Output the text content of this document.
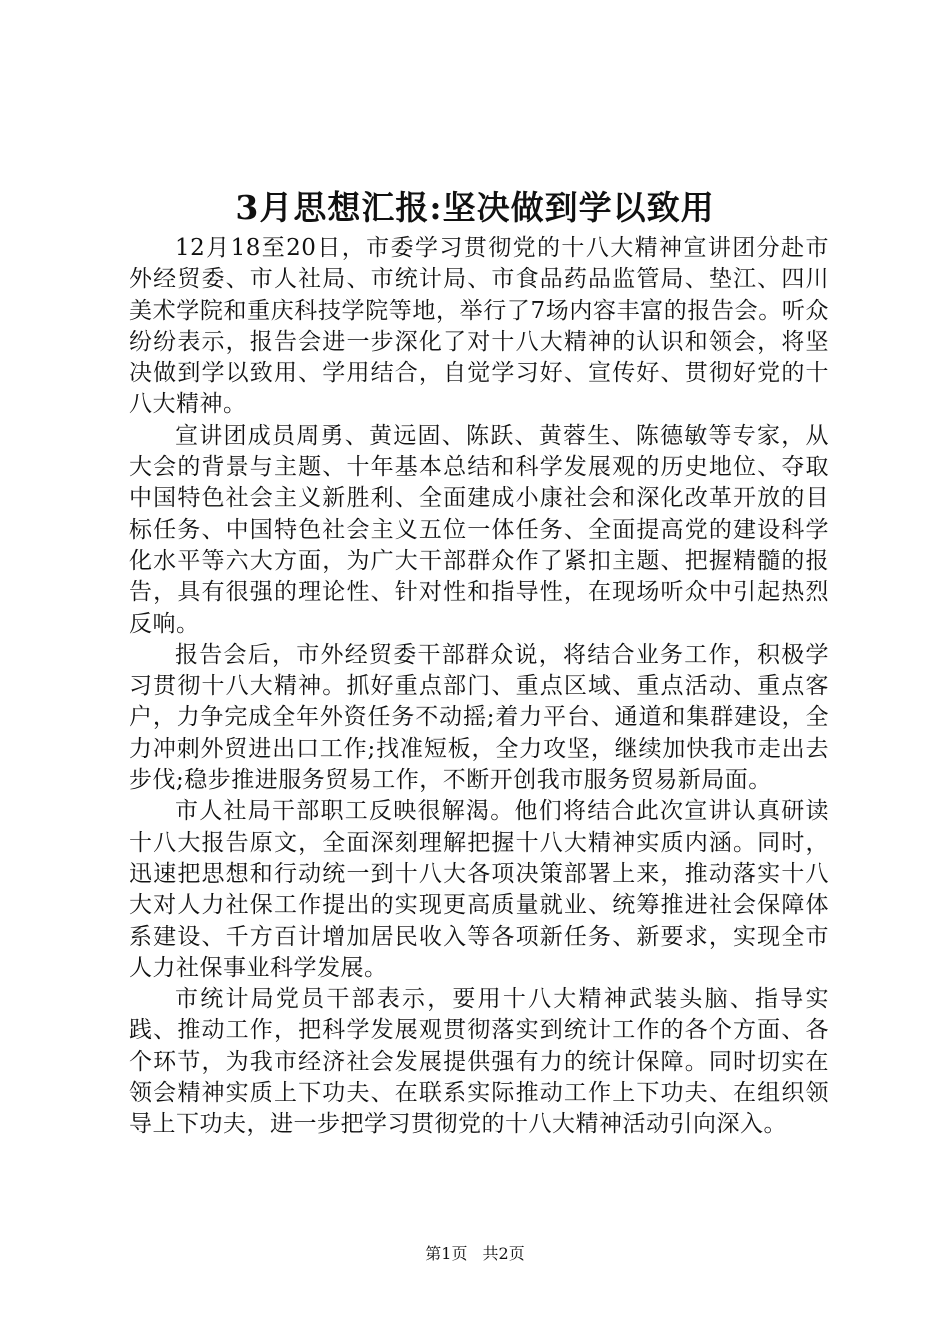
3月思想汇报:坚决做到学以致用

12月18至20日，市委学习贯彻党的十八大精神宣讲团分赴市外经贸委、市人社局、市统计局、市食品药品监管局、垫江、四川美术学院和重庆科技学院等地，举行了7场内容丰富的报告会。听众纷纷表示，报告会进一步深化了对十八大精神的认识和领会，将坚决做到学以致用、学用结合，自觉学习好、宣传好、贯彻好党的十八大精神。

宣讲团成员周勇、黄远固、陈跃、黄蓉生、陈德敏等专家，从大会的背景与主题、十年基本总结和科学发展观的历史地位、夺取中国特色社会主义新胜利、全面建成小康社会和深化改革开放的目标任务、中国特色社会主义五位一体任务、全面提高党的建设科学化水平等六大方面，为广大干部群众作了紧扣主题、把握精髓的报告，具有很强的理论性、针对性和指导性，在现场听众中引起热烈反响。

报告会后，市外经贸委干部群众说，将结合业务工作，积极学习贯彻十八大精神。抓好重点部门、重点区域、重点活动、重点客户，力争完成全年外资任务不动摇;着力平台、通道和集群建设，全力冲刺外贸进出口工作;找准短板，全力攻坚，继续加快我市走出去步伐;稳步推进服务贸易工作，不断开创我市服务贸易新局面。

市人社局干部职工反映很解渴。他们将结合此次宣讲认真研读十八大报告原文，全面深刻理解把握十八大精神实质内涵。同时，迅速把思想和行动统一到十八大各项决策部署上来，推动落实十八大对人力社保工作提出的实现更高质量就业、统筹推进社会保障体系建设、千方百计增加居民收入等各项新任务、新要求，实现全市人力社保事业科学发展。

市统计局党员干部表示，要用十八大精神武装头脑、指导实践、推动工作，把科学发展观贯彻落实到统计工作的各个方面、各个环节，为我市经济社会发展提供强有力的统计保障。同时切实在领会精神实质上下功夫、在联系实际推动工作上下功夫、在组织领导上下功夫，进一步把学习贯彻党的十八大精神活动引向深入。

第1页 共2页
